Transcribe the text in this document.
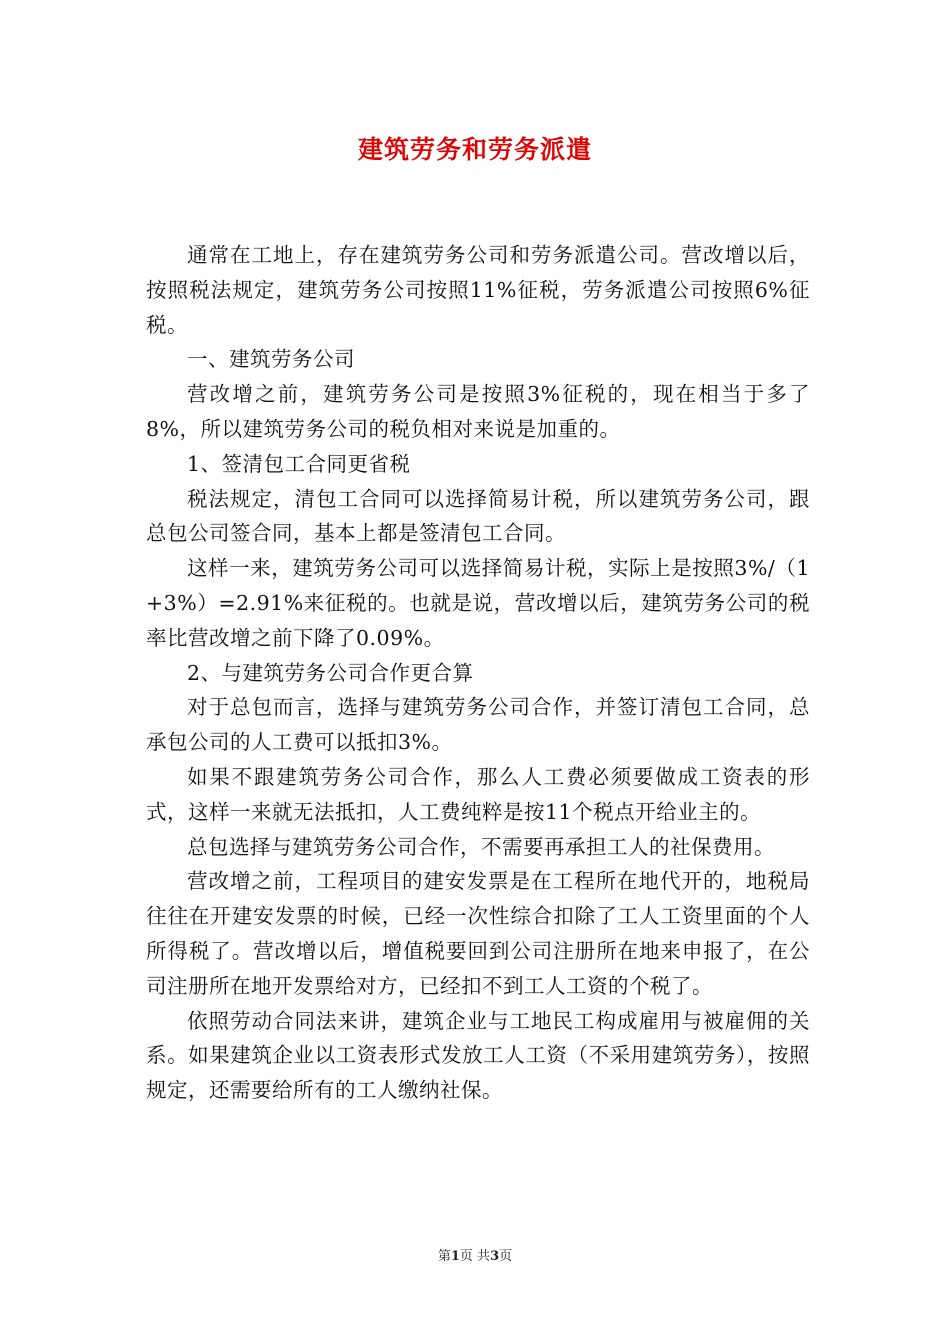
建筑劳务和劳务派遣

通常在工地上，存在建筑劳务公司和劳务派遣公司。营改增以后，按照税法规定，建筑劳务公司按照11%征税，劳务派遣公司按照6%征税。

一、建筑劳务公司

营改增之前，建筑劳务公司是按照3%征税的，现在相当于多了8%，所以建筑劳务公司的税负相对来说是加重的。

1、签清包工合同更省税

税法规定，清包工合同可以选择简易计税，所以建筑劳务公司，跟总包公司签合同，基本上都是签清包工合同。

这样一来，建筑劳务公司可以选择简易计税，实际上是按照3%/（1+3%）=2.91%来征税的。也就是说，营改增以后，建筑劳务公司的税率比营改增之前下降了0.09%。

2、与建筑劳务公司合作更合算

对于总包而言，选择与建筑劳务公司合作，并签订清包工合同，总承包公司的人工费可以抵扣3%。

如果不跟建筑劳务公司合作，那么人工费必须要做成工资表的形式，这样一来就无法抵扣，人工费纯粹是按11个税点开给业主的。

总包选择与建筑劳务公司合作，不需要再承担工人的社保费用。

营改增之前，工程项目的建安发票是在工程所在地代开的，地税局往往在开建安发票的时候，已经一次性综合扣除了工人工资里面的个人所得税了。营改增以后，增值税要回到公司注册所在地来申报了，在公司注册所在地开发票给对方，已经扣不到工人工资的个税了。

依照劳动合同法来讲，建筑企业与工地民工构成雇用与被雇佣的关系。如果建筑企业以工资表形式发放工人工资（不采用建筑劳务），按照规定，还需要给所有的工人缴纳社保。

第1页 共3页
